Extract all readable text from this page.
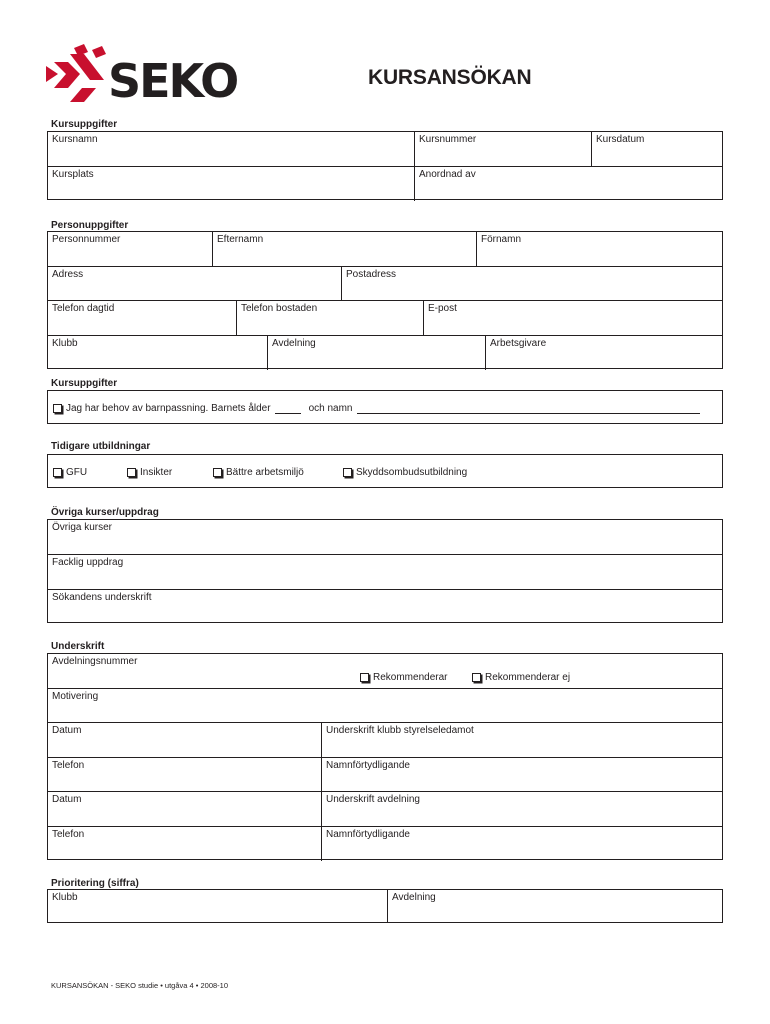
SEKO	KURSANSÖKAN
Kursuppgifter
Kursnamn	Kursnummer	Kursdatum
Kursplats	Anordnad av
Personuppgifter
Personnummer	Efternamn	Förnamn
Adress	Postadress
Telefon dagtid	Telefon bostaden	E-post
Klubb	Avdelning	Arbetsgivare
Kursuppgifter
Jag har behov av barnpassning. Barnets ålder	och namn
Tidigare utbildningar
GFU	Insikter	Bättre arbetsmiljö	Skyddsombudsutbildning
Övriga kurser/uppdrag
Övriga kurser
Facklig uppdrag
Sökandens underskrift
Underskrift
Avdelningsnummer
Rekommenderar	Rekommenderar ej
Motivering
Datum	Underskrift klubb styrelseledamot
Telefon	Namnförtydligande
Datum	Underskrift avdelning
Telefon	Namnförtydligande
Prioritering (siffra)
Klubb	Avdelning
KURSANSÖKAN - SEKO studie • utgåva 4 • 2008-10
